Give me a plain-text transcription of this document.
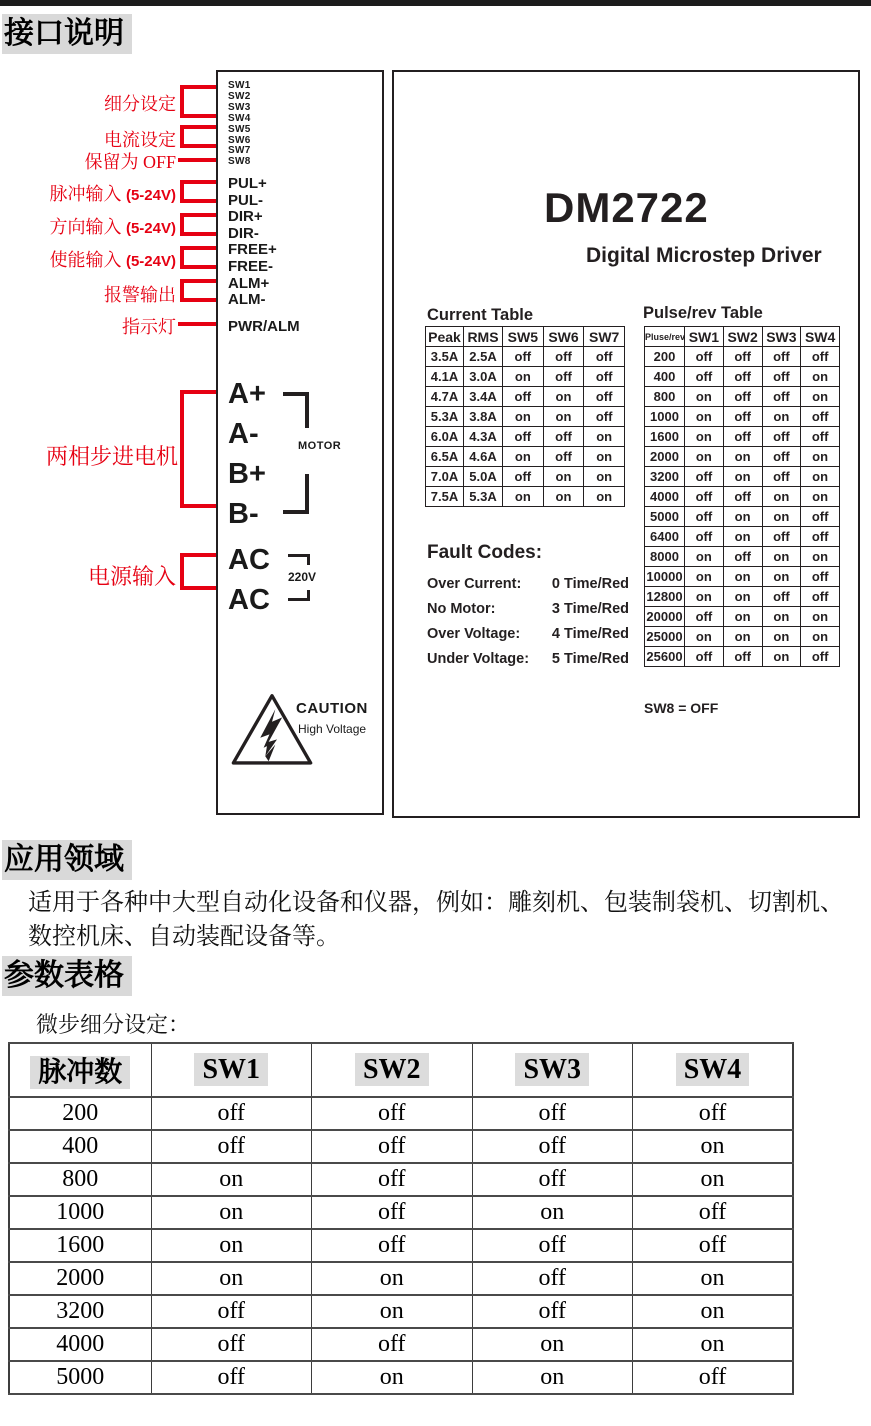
接口说明
SW1
SW2
SW3
SW4
SW5
SW6
SW7
SW8
PUL+
PUL-
DIR+
DIR-
FREE+
FREE-
ALM+
ALM-
PWR/ALM
A+
A-
B+
B-
MOTOR
AC
AC
220V
CAUTION
High Voltage
细分设定
电流设定
保留为 OFF
脉冲输入 (5-24V)
方向输入 (5-24V)
使能输入 (5-24V)
报警输出
指示灯
两相步进电机
电源输入
DM2722
Digital Microstep Driver
Current Table
Peak	RMS	SW5	SW6	SW7
3.5A	2.5A	off	off	off
4.1A	3.0A	on	off	off
4.7A	3.4A	off	on	off
5.3A	3.8A	on	on	off
6.0A	4.3A	off	off	on
6.5A	4.6A	on	off	on
7.0A	5.0A	off	on	on
7.5A	5.3A	on	on	on
Fault Codes:
Over Current: 0 Time/Red
No Motor:	3 Time/Red
Over Voltage: 4 Time/Red
Under Voltage: 5 Time/Red
Pulse/rev Table
Pluse/rev	SW1	SW2	SW3	SW4
200	off	off	off	off
400	off	off	off	on
800	on	off	off	on
1000	on	off	on	off
1600	on	off	off	off
2000	on	on	off	on
3200	off	on	off	on
4000	off	off	on	on
5000	off	on	on	off
6400	off	on	off	off
8000	on	off	on	on
10000	on	on	on	off
12800	on	on	off	off
20000	off	on	on	on
25000	on	on	on	on
25600	off	off	on	off
SW8 = OFF
应用领域

适用于各种中大型自动化设备和仪器，例如：雕刻机、包装制袋机、切割机、数控机床、自动装配设备等。

参数表格
微步细分设定：
脉冲数	SW1	SW2	SW3	SW4
200	off	off	off	off
400	off	off	off	on
800	on	off	off	on
1000	on	off	on	off
1600	on	off	off	off
2000	on	on	off	on
3200	off	on	off	on
4000	off	off	on	on
5000	off	on	on	off
